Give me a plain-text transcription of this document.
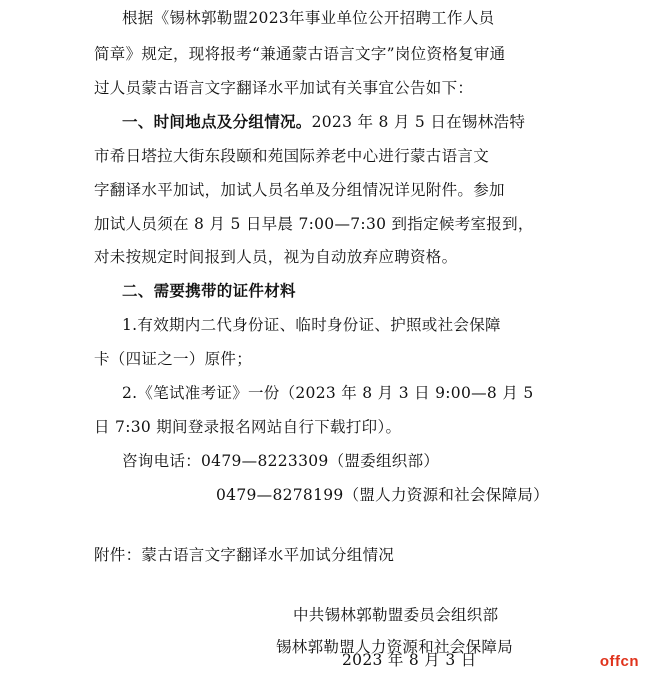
根据《锡林郭勒盟2023年事业单位公开招聘工作人员
简章》规定，现将报考“兼通蒙古语言文字”岗位资格复审通
过人员蒙古语言文字翻译水平加试有关事宜公告如下：
一、时间地点及分组情况。2023 年 8 月 5 日在锡林浩特
市希日塔拉大街东段颐和苑国际养老中心进行蒙古语言文
字翻译水平加试，加试人员名单及分组情况详见附件。参加
加试人员须在 8 月 5 日早晨 7:00—7:30 到指定候考室报到，
对未按规定时间报到人员，视为自动放弃应聘资格。
二、需要携带的证件材料
1.有效期内二代身份证、临时身份证、护照或社会保障
卡（四证之一）原件；
2.《笔试准考证》一份（2023 年 8 月 3 日 9:00—8 月 5
日 7:30 期间登录报名网站自行下载打印）。
咨询电话：0479—8223309（盟委组织部）
0479—8278199（盟人力资源和社会保障局）
附件：蒙古语言文字翻译水平加试分组情况
中共锡林郭勒盟委员会组织部
锡林郭勒盟人力资源和社会保障局
2023 年 8 月 3 日	offcn
